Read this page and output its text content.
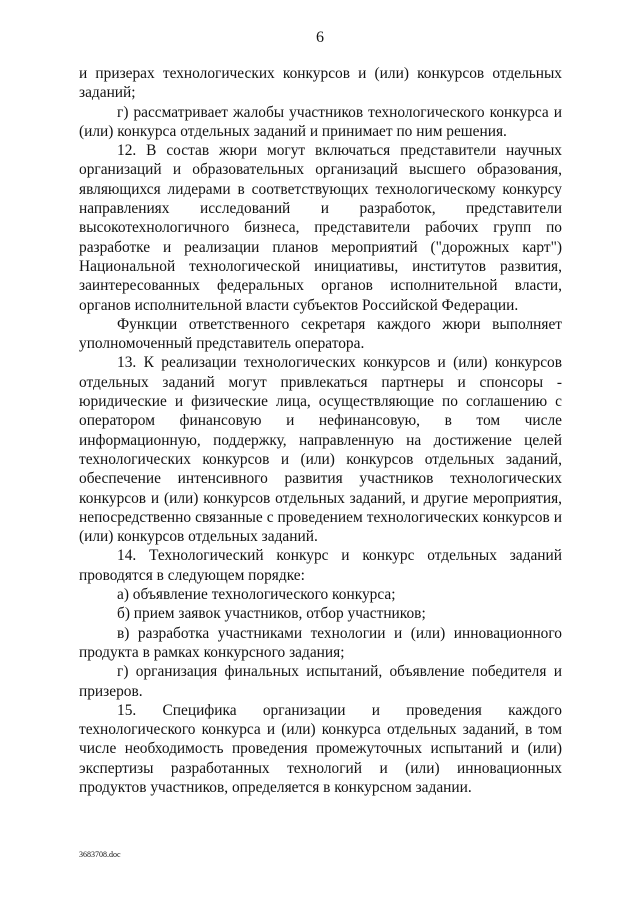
6

и призерах технологических конкурсов и (или) конкурсов отдельных заданий;

г) рассматривает жалобы участников технологического конкурса и (или) конкурса отдельных заданий и принимает по ним решения.

12. В состав жюри могут включаться представители научных организаций и образовательных организаций высшего образования, являющихся лидерами в соответствующих технологическому конкурсу направлениях исследований и разработок, представители высокотехнологичного бизнеса, представители рабочих групп по разработке и реализации планов мероприятий ("дорожных карт") Национальной технологической инициативы, институтов развития, заинтересованных федеральных органов исполнительной власти, органов исполнительной власти субъектов Российской Федерации.

Функции ответственного секретаря каждого жюри выполняет уполномоченный представитель оператора.

13. К реализации технологических конкурсов и (или) конкурсов отдельных заданий могут привлекаться партнеры и спонсоры - юридические и физические лица, осуществляющие по соглашению с оператором финансовую и нефинансовую, в том числе информационную, поддержку, направленную на достижение целей технологических конкурсов и (или) конкурсов отдельных заданий, обеспечение интенсивного развития участников технологических конкурсов и (или) конкурсов отдельных заданий, и другие мероприятия, непосредственно связанные с проведением технологических конкурсов и (или) конкурсов отдельных заданий.

14. Технологический конкурс и конкурс отдельных заданий проводятся в следующем порядке:

а) объявление технологического конкурса;

б) прием заявок участников, отбор участников;

в) разработка участниками технологии и (или) инновационного продукта в рамках конкурсного задания;

г) организация финальных испытаний, объявление победителя и призеров.

15. Специфика организации и проведения каждого технологического конкурса и (или) конкурса отдельных заданий, в том числе необходимость проведения промежуточных испытаний и (или) экспертизы разработанных технологий и (или) инновационных продуктов участников, определяется в конкурсном задании.

3683708.doc
